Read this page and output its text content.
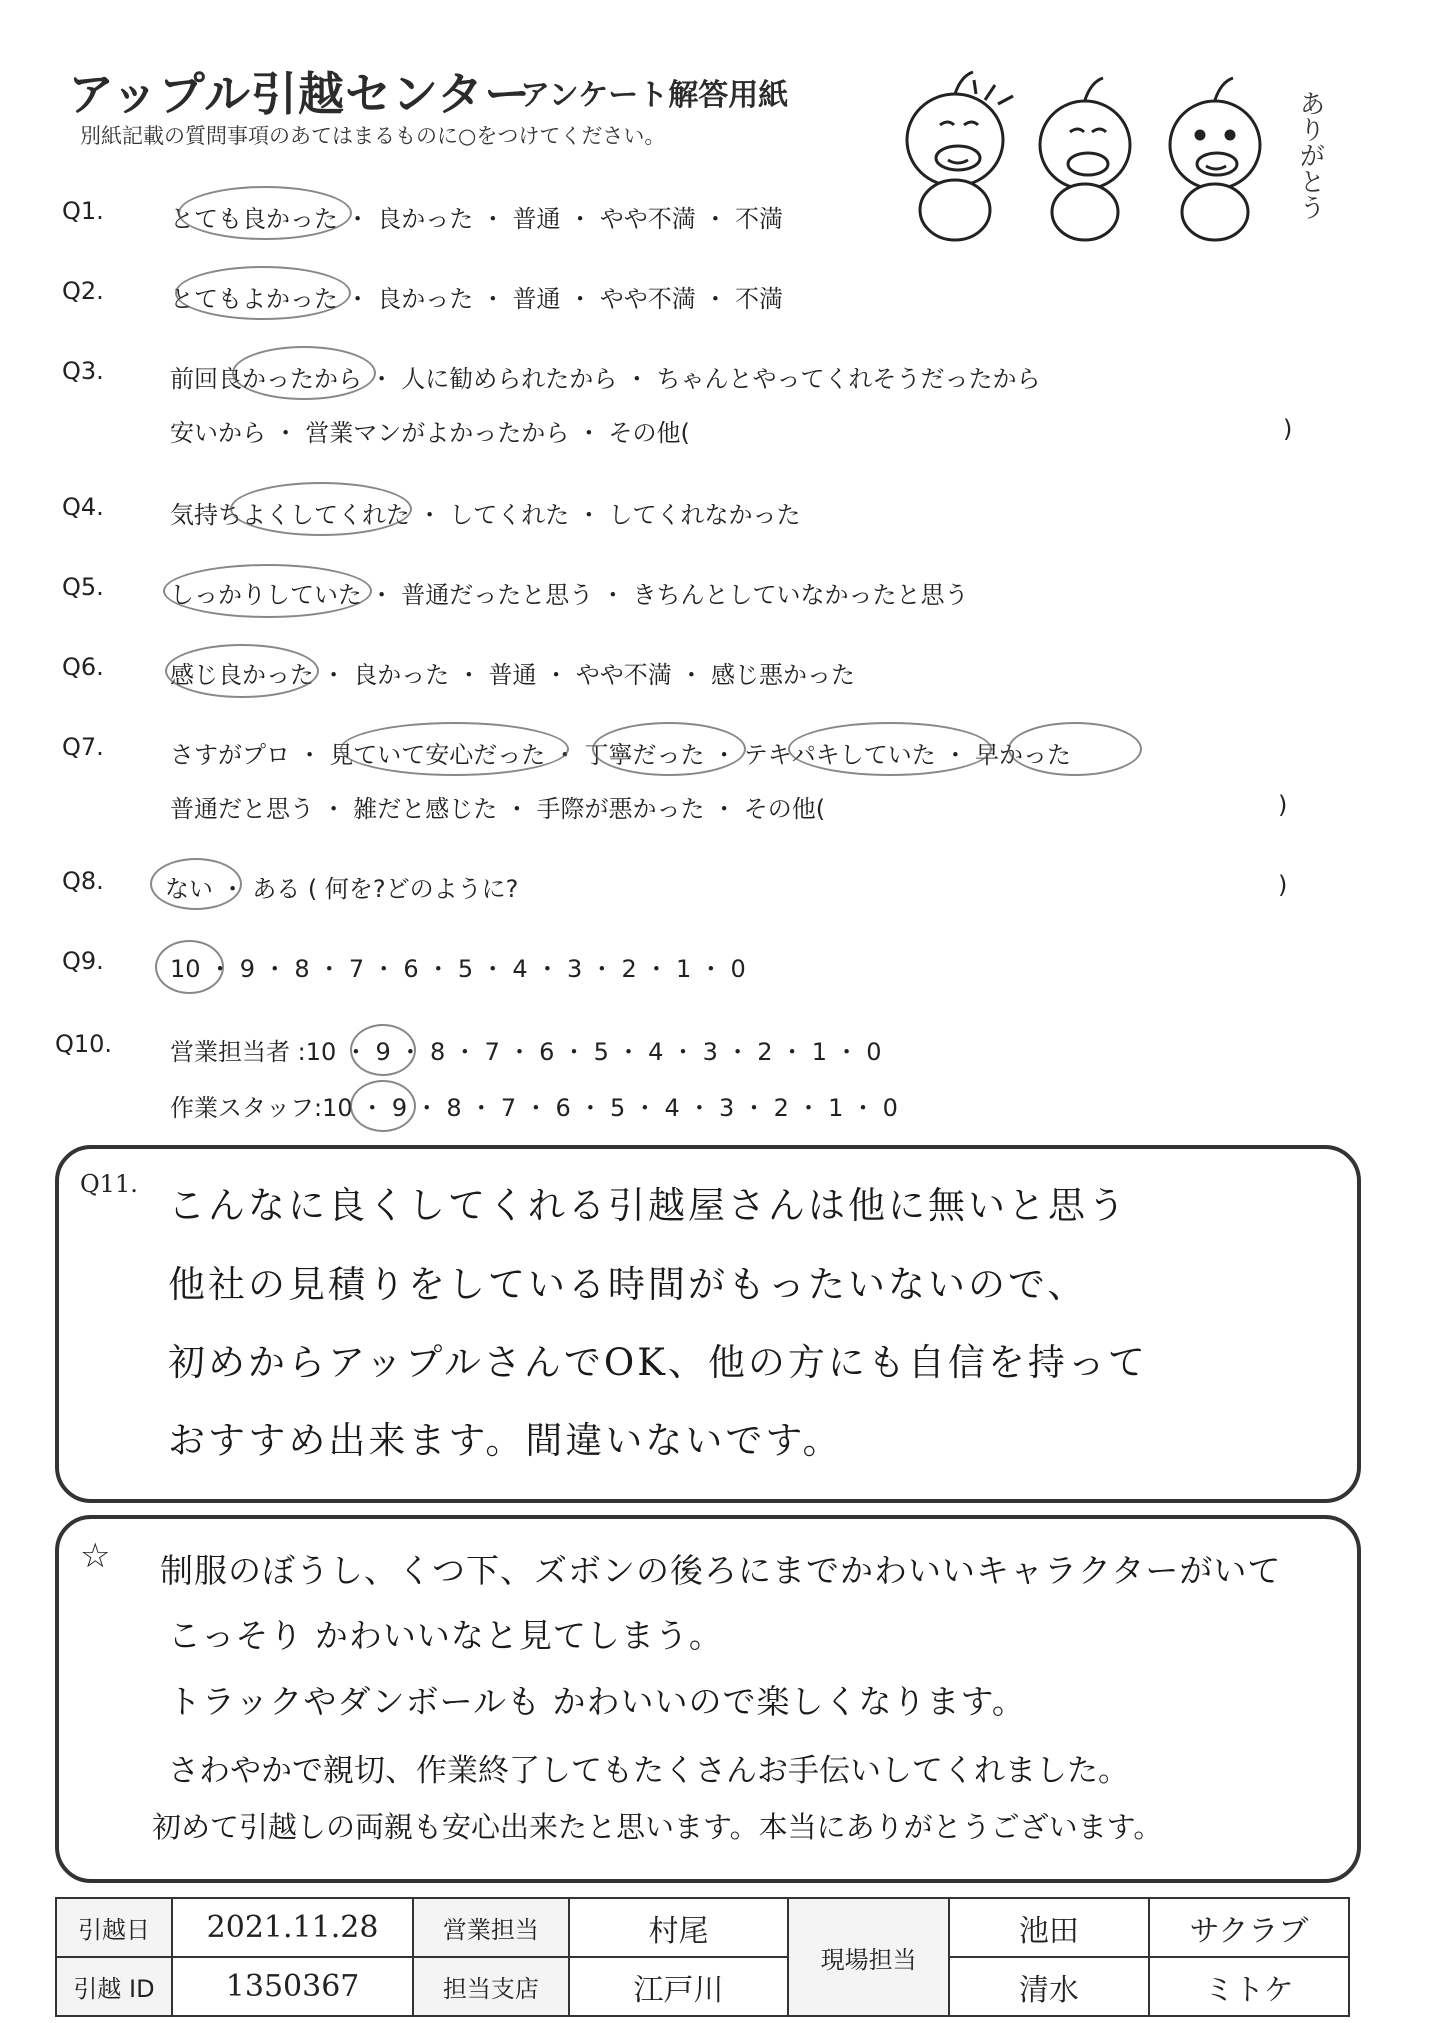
アップル引越センター
アンケート解答用紙
別紙記載の質問事項のあてはまるものに○をつけてください。	ありがとう
Q1.	とても良かった ・ 良かった ・ 普通 ・ やや不満 ・ 不満
Q2.	とてもよかった ・ 良かった ・ 普通 ・ やや不満 ・ 不満
Q3.	前回良かったから ・ 人に勧められたから ・ ちゃんとやってくれそうだったから
安いから ・ 営業マンがよかったから ・ その他(	)
Q4.	気持ちよくしてくれた ・ してくれた ・ してくれなかった
Q5.	しっかりしていた ・ 普通だったと思う ・ きちんとしていなかったと思う
Q6.	感じ良かった ・ 良かった ・ 普通 ・ やや不満 ・ 感じ悪かった
Q7.	さすがプロ ・ 見ていて安心だった ・ 丁寧だった ・ テキパキしていた ・ 早かった
普通だと思う ・ 雑だと感じた ・ 手際が悪かった ・ その他(	)
Q8.	ない ・ ある ( 何を?どのように?	)
Q9.	10 ・ 9 ・ 8 ・ 7 ・ 6 ・ 5 ・ 4 ・ 3 ・ 2 ・ 1 ・ 0
Q10. 営業担当者 :10 ・ 9 ・ 8 ・ 7 ・ 6 ・ 5 ・ 4 ・ 3 ・ 2 ・ 1 ・ 0
作業スタッフ:10 ・ 9 ・ 8 ・ 7 ・ 6 ・ 5 ・ 4 ・ 3 ・ 2 ・ 1 ・ 0
Q11. こんなに良くしてくれる引越屋さんは他に無いと思う
他社の見積りをしている時間がもったいないので、
初めからアップルさんでOK、他の方にも自信を持って
おすすめ出来ます。間違いないです。
☆ 制服のぼうし、くつ下、ズボンの後ろにまでかわいいキャラクターがいて
こっそり かわいいなと見てしまう。
トラックやダンボールも かわいいので楽しくなります。
さわやかで親切、作業終了してもたくさんお手伝いしてくれました。
初めて引越しの両親も安心出来たと思います。本当にありがとうございます。
引越日	2021.11.28	営業担当	村尾	現場担当	池田	サクラブ
引越 ID	1350367	担当支店	江戸川		清水	ミトケ
